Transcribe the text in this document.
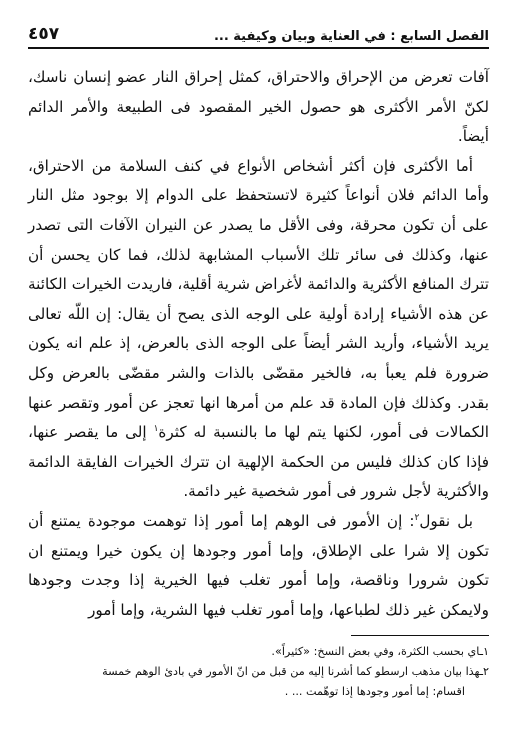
الفصل السابع : في العناية وبيان وكيفية ...
٤٥٧

آفات تعرض من الإحراق والاحتراق، كمثل إحراق النار عضو إنسان ناسك، لكنّ الأمر الأكثرى هو حصول الخير المقصود فى الطبيعة والأمر الدائم أيضاً.

أما الأكثرى فإن أكثر أشخاص الأنواع في كنف السلامة من الاحتراق، وأما الدائم فلان أنواعاً كثيرة لاتستحفظ على الدوام إلا بوجود مثل النار على أن تكون محرقة، وفى الأقل ما يصدر عن النيران الآفات التى تصدر عنها، وكذلك فى سائر تلك الأسباب المشابهة لذلك، فما كان يحسن أن تترك المنافع الأكثرية والدائمة لأغراض شرية أقلية، فاريدت الخيرات الكائنة عن هذه الأشياء إرادة أولية على الوجه الذى يصح أن يقال: إن اللّه تعالى يريد الأشياء، وأريد الشر أيضاً على الوجه الذى بالعرض، إذ علم انه يكون ضرورة فلم يعبأ به، فالخير مقضّى بالذات والشر مقضّى بالعرض وكل بقدر. وكذلك فإن المادة قد علم من أمرها انها تعجز عن أمور وتقصر عنها الكمالات فى أمور، لكنها يتم لها ما بالنسبة له كثرة$^١$ إلى ما يقصر عنها، فإذا كان كذلك فليس من الحكمة الإلهية ان تترك الخيرات الفايقة الدائمة والأكثرية لأجل شرور فى أمور شخصية غير دائمة.

بل نقول$^٢$: إن الأمور فى الوهم إما أمور إذا توهمت موجودة يمتنع أن تكون إلا شرا على الإطلاق، وإما أمور وجودها إن يكون خيرا ويمتنع ان تكون شرورا وناقصة، وإما أمور تغلب فيها الخيرية إذا وجدت وجودها ولايمكن غير ذلك لطباعها، وإما أمور تغلب فيها الشرية، وإما أمور

١ـاي بحسب الكثرة، وفي بعض النسخ: «كثيراً».
٢ـهذا بيان مذهب ارسطو كما أشرنا إليه من قبل من انّ الأمور في بادئ الوهم خمسة
اقسام: إما أمور وجودها إذا توهّمت ... .
